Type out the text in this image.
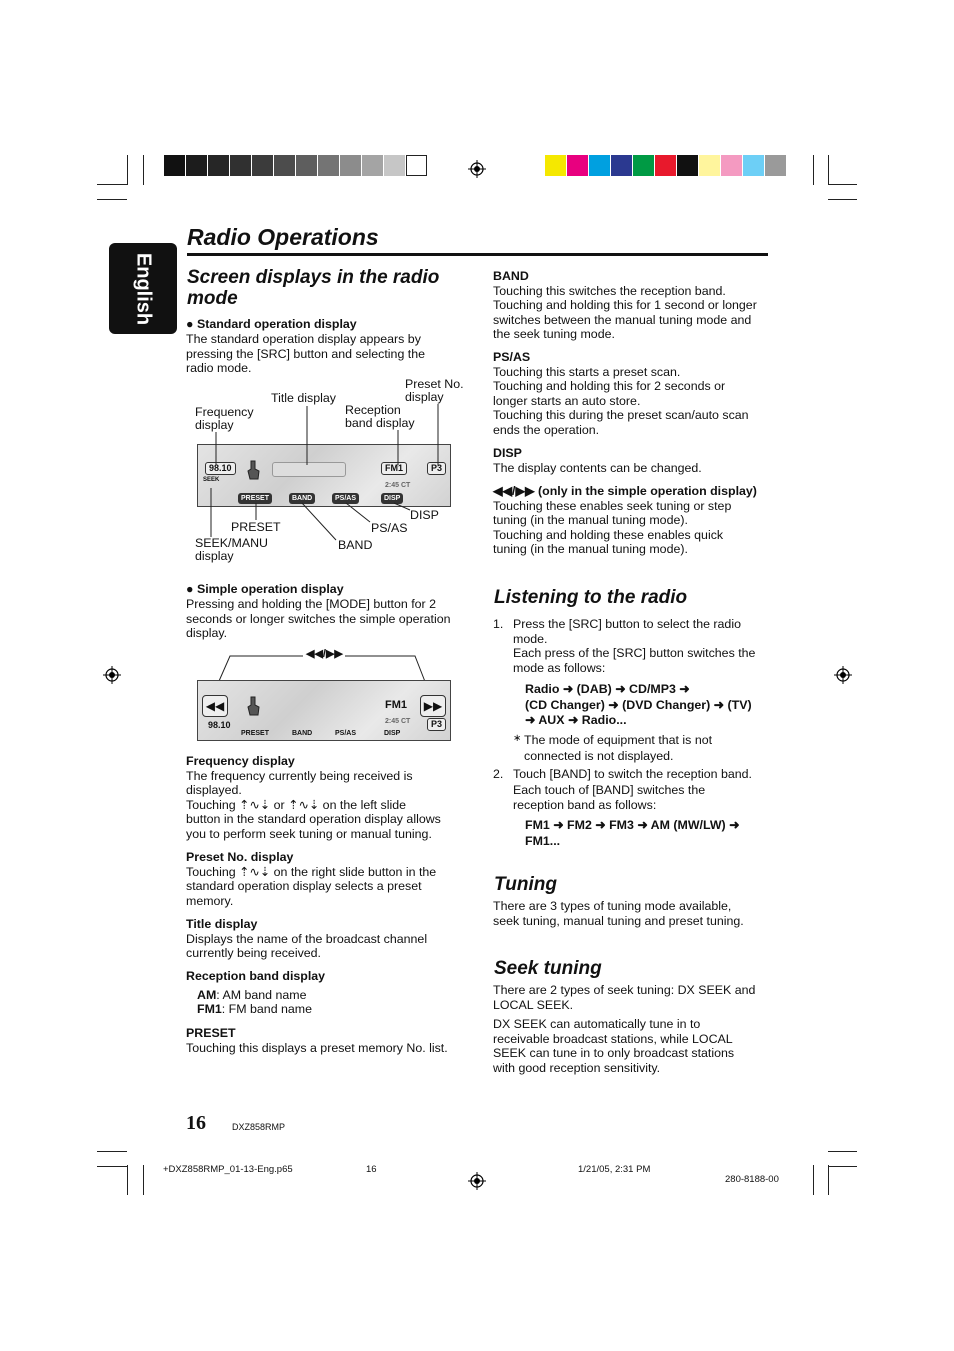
English
Radio Operations
Screen displays in the radio mode
● Standard operation display
The standard operation display appears by
pressing the [SRC] button and selecting the
radio mode.
Title display
Preset No.
display
Frequency
display
Reception
band display
98.10
SEEK
FM1	P3
2:45 CT
PRESET	BAND	PS/AS	DISP
DISP
PRESET	PS/AS
SEEK/MANU
display
BAND
● Simple operation display
Pressing and holding the [MODE] button for 2
seconds or longer switches the simple operation
display.
◀◀/▶▶
◀◀	▶▶
98.10
FM1
P3
2:45 CT
PRESET	BAND	PS/AS	DISP
Frequency display
The frequency currently being received is
displayed.
Touching ⇡∿⇣ or ⇡∿⇣ on the left slide
button in the standard operation display allows
you to perform seek tuning or manual tuning.
Preset No. display
Touching ⇡∿⇣ on the right slide button in the
standard operation display selects a preset
memory.
Title display
Displays the name of the broadcast channel
currently being received.
Reception band display
AM: AM band name
FM1: FM band name
PRESET
Touching this displays a preset memory No. list.
BAND
Touching this switches the reception band.
Touching and holding this for 1 second or longer
switches between the manual tuning mode and
the seek tuning mode.
PS/AS
Touching this starts a preset scan.
Touching and holding this for 2 seconds or
longer starts an auto store.
Touching this during the preset scan/auto scan
ends the operation.
DISP
The display contents can be changed.
◀◀/▶▶ (only in the simple operation display)
Touching these enables seek tuning or step
tuning (in the manual tuning mode).
Touching and holding these enables quick
tuning (in the manual tuning mode).
Listening to the radio
1. Press the [SRC] button to select the radio
mode.
Each press of the [SRC] button switches the
mode as follows:
Radio ➜ (DAB) ➜ CD/MP3 ➜
(CD Changer) ➜ (DVD Changer) ➜ (TV)
➜ AUX ➜ Radio...
∗ The mode of equipment that is not
connected is not displayed.
2. Touch [BAND] to switch the reception band.
Each touch of [BAND] switches the
reception band as follows:
FM1 ➜ FM2 ➜ FM3 ➜ AM (MW/LW) ➜
FM1...
Tuning
There are 3 types of tuning mode available,
seek tuning, manual tuning and preset tuning.
Seek tuning
There are 2 types of seek tuning: DX SEEK and
LOCAL SEEK.
DX SEEK can automatically tune in to
receivable broadcast stations, while LOCAL
SEEK can tune in to only broadcast stations
with good reception sensitivity.
16	DXZ858RMP
+DXZ858RMP_01-13-Eng.p65	16	1/21/05, 2:31 PM
280-8188-00
